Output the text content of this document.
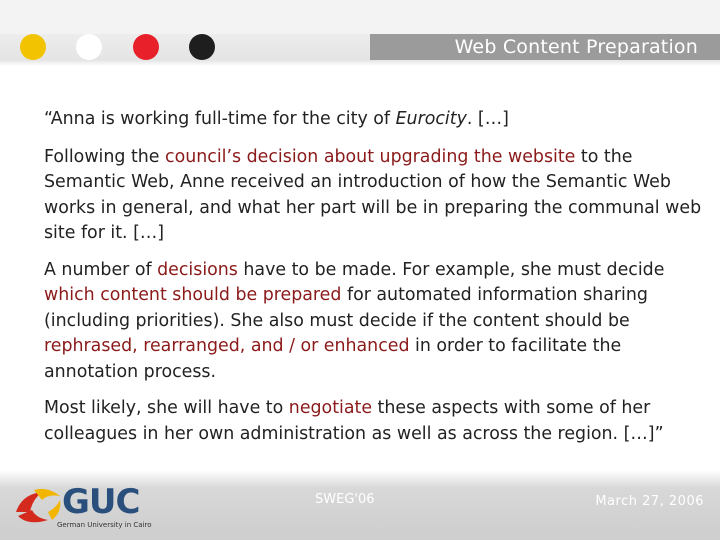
Web Content Preparation

“Anna is working full-time for the city of Eurocity. […]

Following the council’s decision about upgrading the website to the Semantic Web, Anne received an introduction of how the Semantic Web works in general, and what her part will be in preparing the communal web site for it. […]

A number of decisions have to be made. For example, she must decide which content should be prepared for automated information sharing (including priorities). She also must decide if the content should be rephrased, rearranged, and / or enhanced in order to facilitate the annotation process.

Most likely, she will have to negotiate these aspects with some of her colleagues in her own administration as well as across the region. […]”

GUC
German University in Cairo
SWEG'06	March 27, 2006
